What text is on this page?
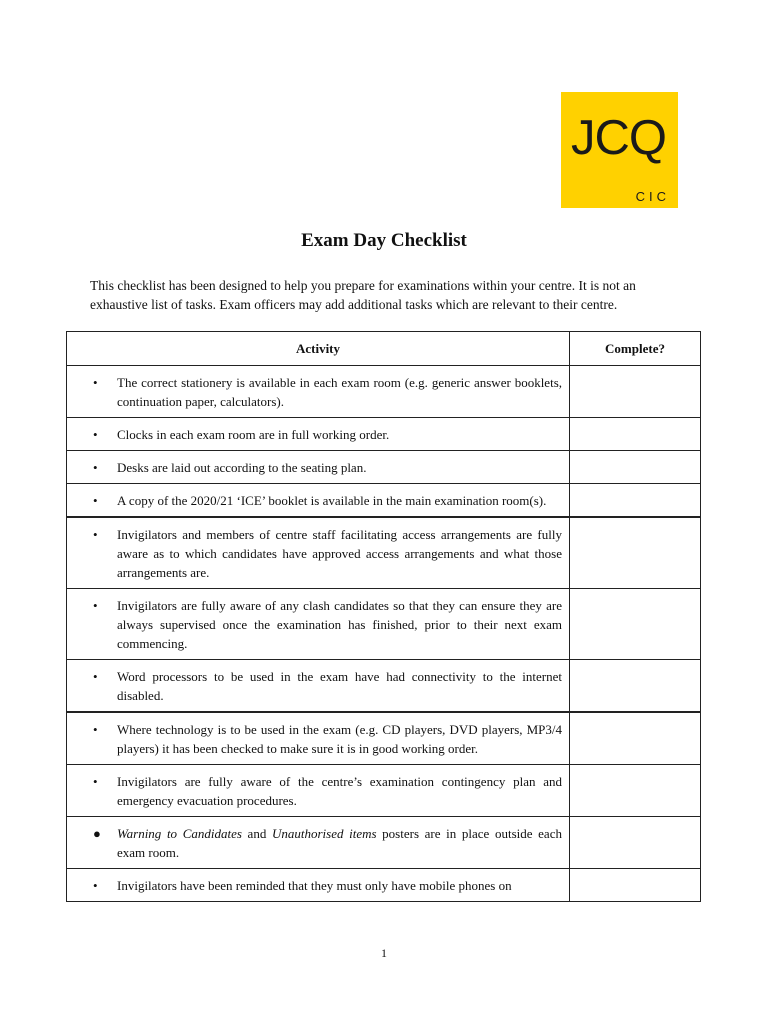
JCQ
CIC
Exam Day Checklist
This checklist has been designed to help you prepare for examinations within your centre. It is not an exhaustive list of tasks. Exam officers may add additional tasks which are relevant to their centre.
Activity	Complete?

• The correct stationery is available in each exam room (e.g. generic answer booklets, continuation paper, calculators).	

• Clocks in each exam room are in full working order.	

• Desks are laid out according to the seating plan.	

• A copy of the 2020/21 ‘ICE’ booklet is available in the main examination room(s).	

• Invigilators and members of centre staff facilitating access arrangements are fully aware as to which candidates have approved access arrangements and what those arrangements are.	

• Invigilators are fully aware of any clash candidates so that they can ensure they are always supervised once the examination has finished, prior to their next exam commencing.	

• Word processors to be used in the exam have had connectivity to the internet disabled.	

• Where technology is to be used in the exam (e.g. CD players, DVD players, MP3/4 players) it has been checked to make sure it is in good working order.	

• Invigilators are fully aware of the centre’s examination contingency plan and emergency evacuation procedures.	

● Warning to Candidates and Unauthorised items posters are in place outside each exam room.	

• Invigilators have been reminded that they must only have mobile phones on	
1
